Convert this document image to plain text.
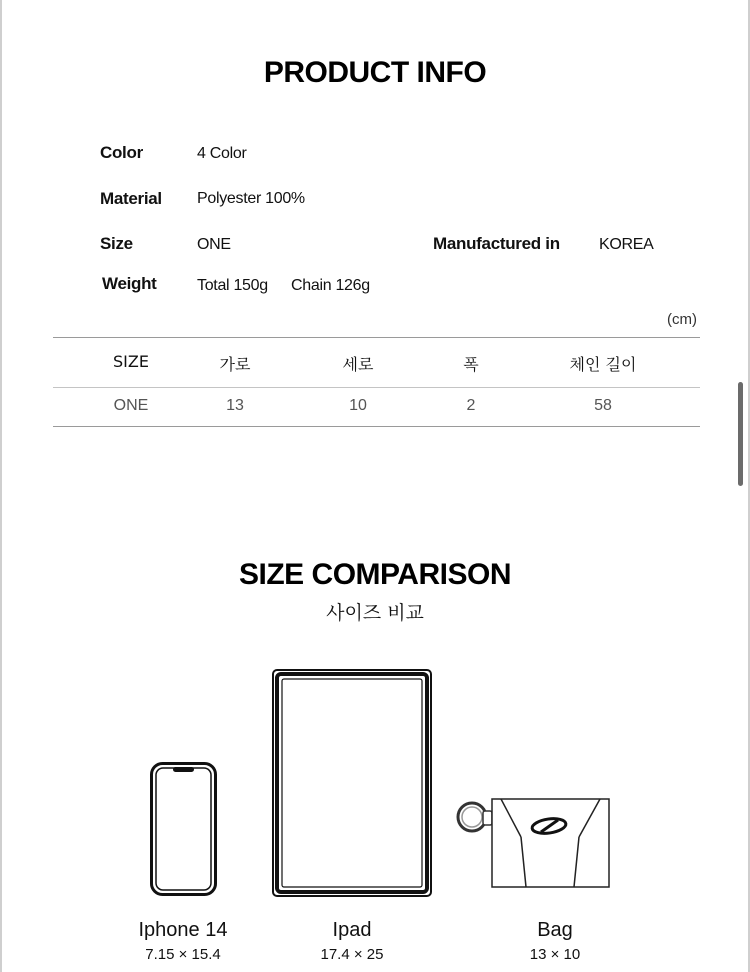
PRODUCT INFO
Color	4 Color
Material Polyester 100%
Size	ONE	Manufactured in KOREA
Weight	Total 150g Chain 126g
(cm)
SIZE	가로	세로	폭	체인 길이
ONE	13	10	2	58
SIZE COMPARISON
사이즈 비교
Iphone 14
7.15 × 15.4
Ipad
17.4 × 25
Bag
13 × 10
